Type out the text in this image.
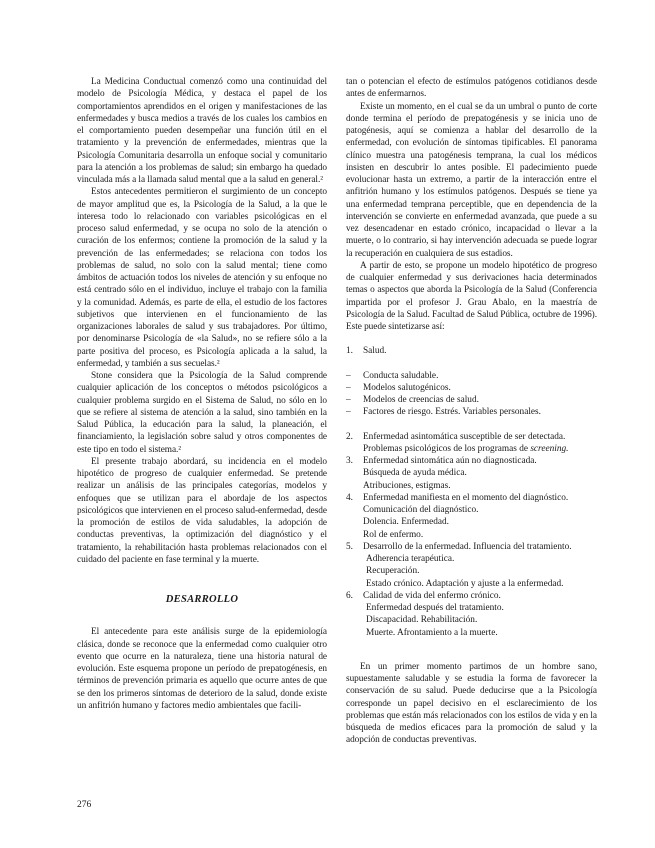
La Medicina Conductual comenzó como una continuidad del modelo de Psicología Médica, y destaca el papel de los comportamientos aprendidos en el origen y manifestaciones de las enfermedades y busca medios a través de los cuales los cambios en el comportamiento pueden desempeñar una función útil en el tratamiento y la prevención de enfermedades, mientras que la Psicología Comunitaria desarrolla un enfoque social y comunitario para la atención a los problemas de salud; sin embargo ha quedado vinculada más a la llamada salud mental que a la salud en general.²

Estos antecedentes permitieron el surgimiento de un concepto de mayor amplitud que es, la Psicología de la Salud, a la que le interesa todo lo relacionado con variables psicológicas en el proceso salud enfermedad, y se ocupa no solo de la atención o curación de los enfermos; contiene la promoción de la salud y la prevención de las enfermedades; se relaciona con todos los problemas de salud, no solo con la salud mental; tiene como ámbitos de actuación todos los niveles de atención y su enfoque no está centrado sólo en el individuo, incluye el trabajo con la familia y la comunidad. Además, es parte de ella, el estudio de los factores subjetivos que intervienen en el funcionamiento de las organizaciones laborales de salud y sus trabajadores. Por último, por denominarse Psicología de «la Salud», no se refiere sólo a la parte positiva del proceso, es Psicología aplicada a la salud, la enfermedad, y también a sus secuelas.²

Stone considera que la Psicología de la Salud comprende cualquier aplicación de los conceptos o métodos psicológicos a cualquier problema surgido en el Sistema de Salud, no sólo en lo que se refiere al sistema de atención a la salud, sino también en la Salud Pública, la educación para la salud, la planeación, el financiamiento, la legislación sobre salud y otros componentes de este tipo en todo el sistema.²

El presente trabajo abordará, su incidencia en el modelo hipotético de progreso de cualquier enfermedad. Se pretende realizar un análisis de las principales categorías, modelos y enfoques que se utilizan para el abordaje de los aspectos psicológicos que intervienen en el proceso salud-enfermedad, desde la promoción de estilos de vida saludables, la adopción de conductas preventivas, la optimización del diagnóstico y el tratamiento, la rehabilitación hasta problemas relacionados con el cuidado del paciente en fase terminal y la muerte.

DESARROLLO

El antecedente para este análisis surge de la epidemiología clásica, donde se reconoce que la enfermedad como cualquier otro evento que ocurre en la naturaleza, tiene una historia natural de evolución. Este esquema propone un período de prepatogénesis, en términos de prevención primaria es aquello que ocurre antes de que se den los primeros síntomas de deterioro de la salud, donde existe un anfitrión humano y factores medio ambientales que facili-

tan o potencian el efecto de estímulos patógenos cotidianos desde antes de enfermarnos.

Existe un momento, en el cual se da un umbral o punto de corte donde termina el período de prepatogénesis y se inicia uno de patogénesis, aquí se comienza a hablar del desarrollo de la enfermedad, con evolución de síntomas tipificables. El panorama clínico muestra una patogénesis temprana, la cual los médicos insisten en descubrir lo antes posible. El padecimiento puede evolucionar hasta un extremo, a partir de la interacción entre el anfitrión humano y los estímulos patógenos. Después se tiene ya una enfermedad temprana perceptible, que en dependencia de la intervención se convierte en enfermedad avanzada, que puede a su vez desencadenar en estado crónico, incapacidad o llevar a la muerte, o lo contrario, si hay intervención adecuada se puede lograr la recuperación en cualquiera de sus estadios.

A partir de esto, se propone un modelo hipotético de progreso de cualquier enfermedad y sus derivaciones hacia determinados temas o aspectos que aborda la Psicología de la Salud (Conferencia impartida por el profesor J. Grau Abalo, en la maestría de Psicología de la Salud. Facultad de Salud Pública, octubre de 1996). Este puede sintetizarse así:

1. Salud.
– Conducta saludable.
– Modelos salutogénicos.
– Modelos de creencias de salud.
– Factores de riesgo. Estrés. Variables personales.
2. Enfermedad asintomática susceptible de ser detectada.
Problemas psicológicos de los programas de screening.
3. Enfermedad sintomática aún no diagnosticada.
Búsqueda de ayuda médica.
Atribuciones, estigmas.
4. Enfermedad manifiesta en el momento del diagnóstico.
Comunicación del diagnóstico.
Dolencia. Enfermedad.
Rol de enfermo.
5. Desarrollo de la enfermedad. Influencia del tratamiento.
Adherencia terapéutica.
Recuperación.
Estado crónico. Adaptación y ajuste a la enfermedad.
6. Calidad de vida del enfermo crónico.
Enfermedad después del tratamiento.
Discapacidad. Rehabilitación.
Muerte. Afrontamiento a la muerte.

En un primer momento partimos de un hombre sano, supuestamente saludable y se estudia la forma de favorecer la conservación de su salud. Puede deducirse que a la Psicología corresponde un papel decisivo en el esclarecimiento de los problemas que están más relacionados con los estilos de vida y en la búsqueda de medios eficaces para la promoción de salud y la adopción de conductas preventivas.

276
